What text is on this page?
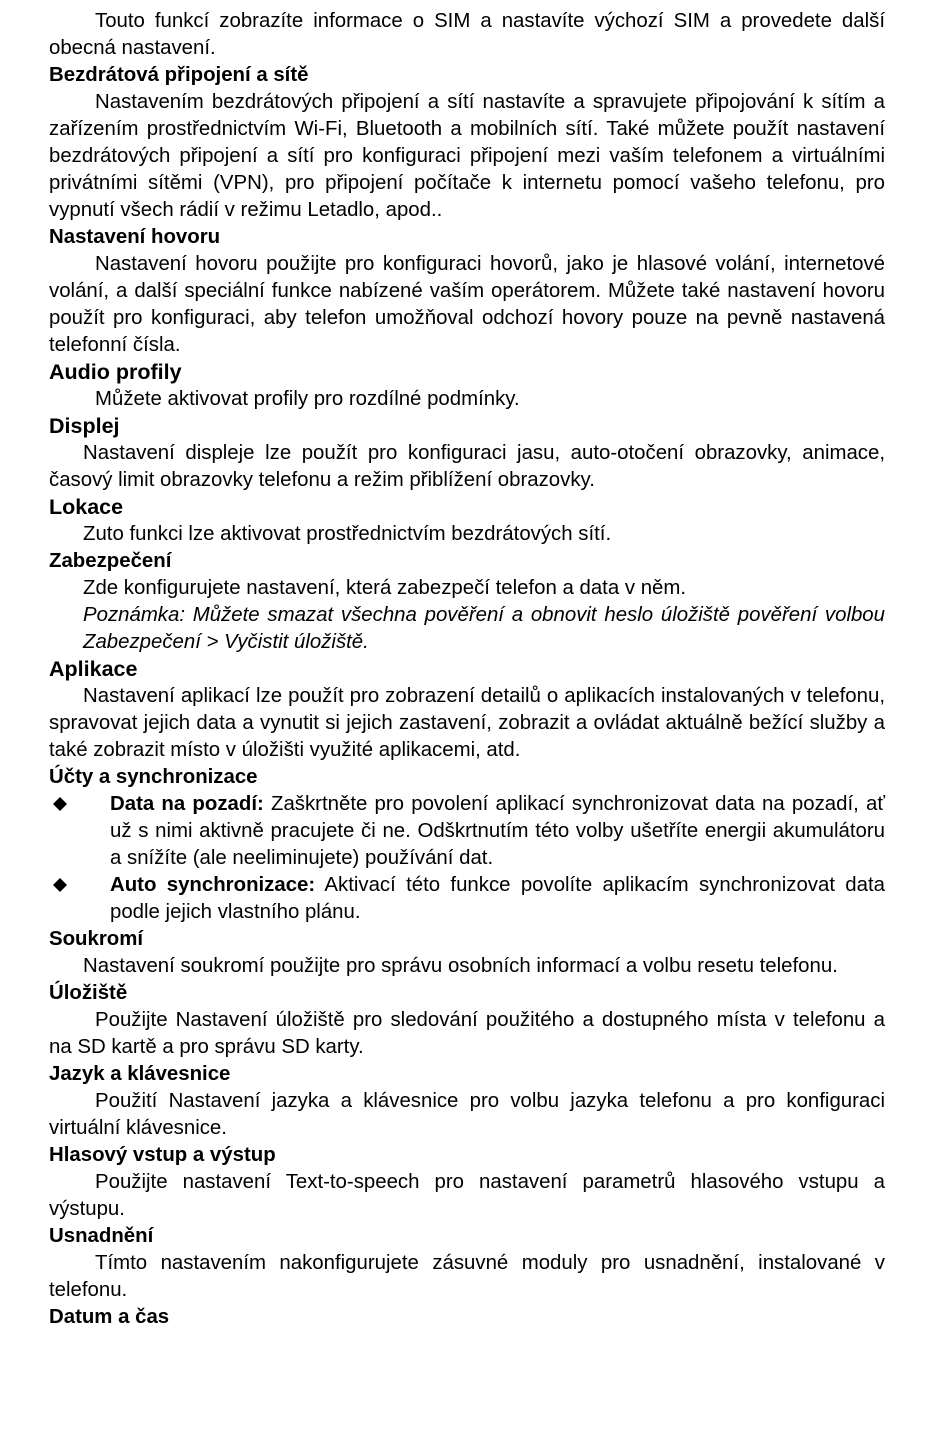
Touto funkcí zobrazíte informace o SIM a nastavíte výchozí SIM a provedete další obecná nastavení.

Bezdrátová připojení a sítě

Nastavením bezdrátových připojení a sítí nastavíte a spravujete připojování k sítím a zařízením prostřednictvím Wi-Fi, Bluetooth a mobilních sítí. Také můžete použít nastavení bezdrátových připojení a sítí pro konfiguraci připojení mezi vaším telefonem a virtuálními privátními sítěmi (VPN), pro připojení počítače k internetu pomocí vašeho telefonu, pro vypnutí všech rádií v režimu Letadlo, apod..

Nastavení hovoru

Nastavení hovoru použijte pro konfiguraci hovorů, jako je hlasové volání, internetové volání, a další speciální funkce nabízené vaším operátorem. Můžete také nastavení hovoru použít pro konfiguraci, aby telefon umožňoval odchozí hovory pouze na pevně nastavená telefonní čísla.

Audio profily

Můžete aktivovat profily pro rozdílné podmínky.

Displej

Nastavení displeje lze použít pro konfiguraci jasu, auto-otočení obrazovky, animace, časový limit obrazovky telefonu a režim přiblížení obrazovky.

Lokace

Zuto funkci lze aktivovat prostřednictvím bezdrátových sítí.

Zabezpečení

Zde konfigurujete nastavení, která zabezpečí telefon a data v něm.

Poznámka: Můžete smazat všechna pověření a obnovit heslo úložiště pověření volbou Zabezpečení > Vyčistit úložiště.

Aplikace

Nastavení aplikací lze použít pro zobrazení detailů o aplikacích instalovaných v telefonu, spravovat jejich data a vynutit si jejich zastavení, zobrazit a ovládat aktuálně bežící služby a také zobrazit místo v úložišti využité aplikacemi, atd.

Účty a synchronizace

Data na pozadí: Zaškrtněte pro povolení aplikací synchronizovat data na pozadí, ať už s nimi aktivně pracujete či ne. Odškrtnutím této volby ušetříte energii akumulátoru a snížíte (ale neeliminujete) používání dat.
Auto synchronizace: Aktivací této funkce povolíte aplikacím synchronizovat data podle jejich vlastního plánu.

Soukromí

Nastavení soukromí použijte pro správu osobních informací a volbu resetu telefonu.

Úložiště

Použijte Nastavení úložiště pro sledování použitého a dostupného místa v telefonu a na SD kartě a pro správu SD karty.

Jazyk a klávesnice

Použití Nastavení jazyka a klávesnice pro volbu jazyka telefonu a pro konfiguraci virtuální klávesnice.

Hlasový vstup a výstup

Použijte nastavení Text-to-speech pro nastavení parametrů hlasového vstupu a výstupu.

Usnadnění

Tímto nastavením nakonfigurujete zásuvné moduly pro usnadnění, instalované v telefonu.

Datum a čas
